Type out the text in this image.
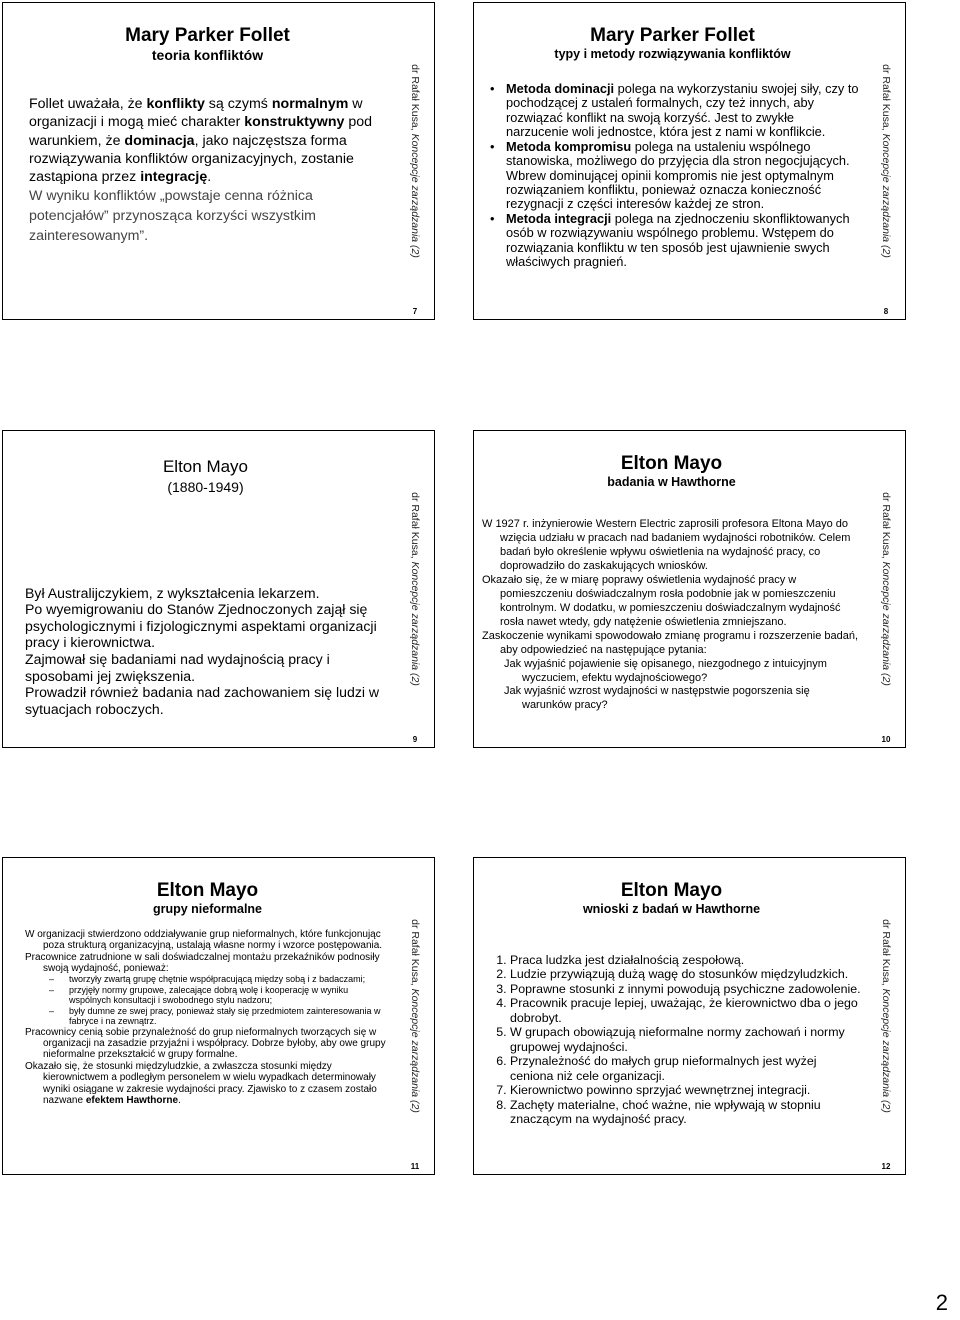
Mary Parker Follet

teoria konfliktów

Follet uważała, że konflikty są czymś normalnym w organizacji i mogą mieć charakter konstruktywny pod warunkiem, że dominacja, jako najczęstsza forma rozwiązywania konfliktów organizacyjnych, zostanie zastąpiona przez integrację.

W wyniku konfliktów „powstaje cenna różnica potencjałów” przynosząca korzyści wszystkim zainteresowanym”.

dr Rafał Kusa, Koncepcje zarządzania (2)
7
Mary Parker Follet

typy i metody rozwiązywania konfliktów

• Metoda dominacji polega na wykorzystaniu swojej siły, czy to pochodzącej z ustaleń formalnych, czy też innych, aby rozwiązać konflikt na swoją korzyść. Jest to zwykłe narzucenie woli jednostce, która jest z nami w konflikcie.
• Metoda kompromisu polega na ustaleniu wspólnego stanowiska, możliwego do przyjęcia dla stron negocjujących. Wbrew dominującej opinii kompromis nie jest optymalnym rozwiązaniem konfliktu, ponieważ oznacza konieczność rezygnacji z części interesów każdej ze stron.
• Metoda integracji polega na zjednoczeniu skonfliktowanych osób w rozwiązywaniu wspólnego problemu. Wstępem do rozwiązania konfliktu w ten sposób jest ujawnienie swych właściwych pragnień.
dr Rafał Kusa, Koncepcje zarządzania (2)
8
Elton Mayo

(1880-1949)

Był Australijczykiem, z wykształcenia lekarzem.

Po wyemigrowaniu do Stanów Zjednoczonych zajął się psychologicznymi i fizjologicznymi aspektami organizacji pracy i kierownictwa.

Zajmował się badaniami nad wydajnością pracy i sposobami jej zwiększenia.

Prowadził również badania nad zachowaniem się ludzi w sytuacjach roboczych.

dr Rafał Kusa, Koncepcje zarządzania (2)
9
Elton Mayo

badania w Hawthorne

W 1927 r. inżynierowie Western Electric zaprosili profesora Eltona Mayo do wzięcia udziału w pracach nad badaniem wydajności robotników. Celem badań było określenie wpływu oświetlenia na wydajność pracy, co doprowadziło do zaskakujących wniosków.

Okazało się, że w miarę poprawy oświetlenia wydajność pracy w pomieszczeniu doświadczalnym rosła podobnie jak w pomieszczeniu kontrolnym. W dodatku, w pomieszczeniu doświadczalnym wydajność rosła nawet wtedy, gdy natężenie oświetlenia zmniejszano.

Zaskoczenie wynikami spowodowało zmianę programu i rozszerzenie badań, aby odpowiedzieć na następujące pytania:

Jak wyjaśnić pojawienie się opisanego, niezgodnego z intuicyjnym wyczuciem, efektu wydajnościowego?

Jak wyjaśnić wzrost wydajności w następstwie pogorszenia się warunków pracy?

dr Rafał Kusa, Koncepcje zarządzania (2)
10
Elton Mayo

grupy nieformalne

W organizacji stwierdzono oddziaływanie grup nieformalnych, które funkcjonując poza strukturą organizacyjną, ustalają własne normy i wzorce postępowania.

Pracownice zatrudnione w sali doświadczalnej montażu przekaźników podnosiły swoją wydajność, ponieważ:

– tworzyły zwartą grupę chętnie współpracującą między sobą i z badaczami;

– przyjęły normy grupowe, zalecające dobrą wolę i kooperację w wyniku wspólnych konsultacji i swobodnego stylu nadzoru;

– były dumne ze swej pracy, ponieważ stały się przedmiotem zainteresowania w fabryce i na zewnątrz.

Pracownicy cenią sobie przynależność do grup nieformalnych tworzących się w organizacji na zasadzie przyjaźni i współpracy. Dobrze byłoby, aby owe grupy nieformalne przekształcić w grupy formalne.

Okazało się, że stosunki międzyludzkie, a zwłaszcza stosunki między kierownictwem a podległym personelem w wielu wypadkach determinowały wyniki osiągane w zakresie wydajności pracy. Zjawisko to z czasem zostało nazwane efektem Hawthorne.

dr Rafał Kusa, Koncepcje zarządzania (2)
11
Elton Mayo

wnioski z badań w Hawthorne

1. Praca ludzka jest działalnością zespołową.
2. Ludzie przywiązują dużą wagę do stosunków międzyludzkich.
3. Poprawne stosunki z innymi powodują psychiczne zadowolenie.
4. Pracownik pracuje lepiej, uważając, że kierownictwo dba o jego dobrobyt.
5. W grupach obowiązują nieformalne normy zachowań i normy grupowej wydajności.
6. Przynależność do małych grup nieformalnych jest wyżej ceniona niż cele organizacji.
7. Kierownictwo powinno sprzyjać wewnętrznej integracji.
8. Zachęty materialne, choć ważne, nie wpływają w stopniu znaczącym na wydajność pracy.
dr Rafał Kusa, Koncepcje zarządzania (2)
12
2
